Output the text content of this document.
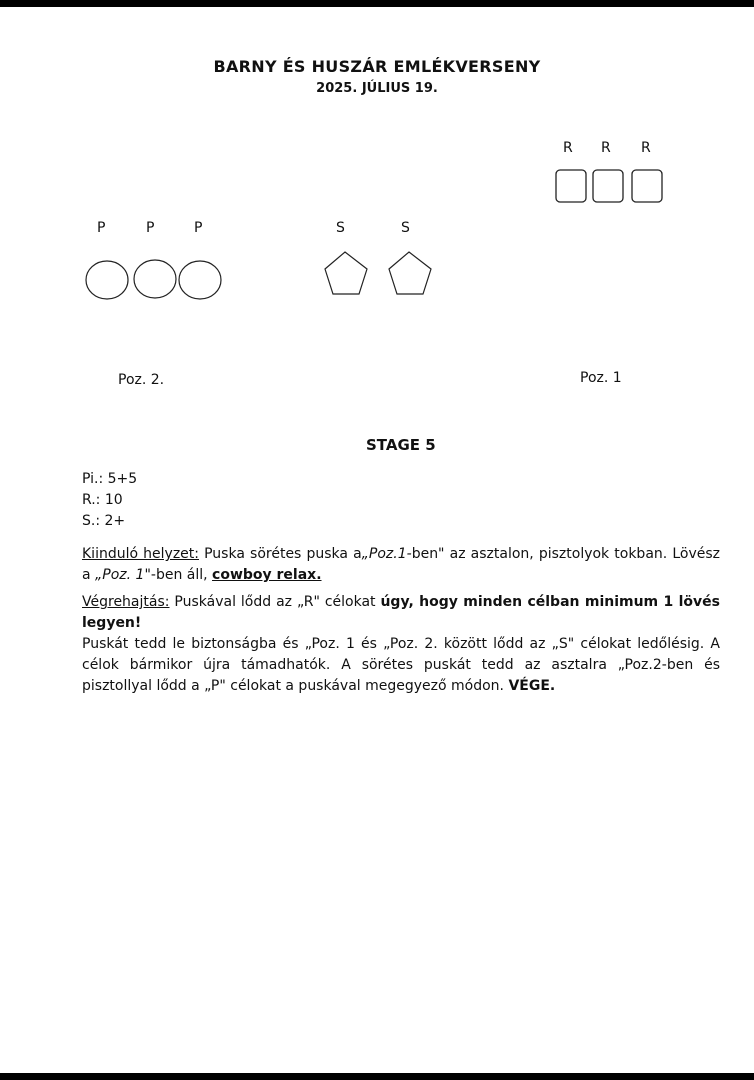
BARNY ÉS HUSZÁR EMLÉKVERSENY
2025. JÚLIUS 19.
R R R
P	P	P	S	S
Poz. 2.	Poz. 1
STAGE 5
Pi.: 5+5
R.: 10
S.: 2+

Kiinduló helyzet: Puska sörétes puska a„Poz.1-ben" az asztalon, pisztolyok tokban. Lövész a „Poz. 1"-ben áll, cowboy relax.

Végrehajtás: Puskával lődd az „R" célokat úgy, hogy minden célban minimum 1 lövés legyen!

Puskát tedd le biztonságba és „Poz. 1 és „Poz. 2. között lődd az „S" célokat ledőlésig. A célok bármikor újra támadhatók. A sörétes puskát tedd az asztalra „Poz.2-ben és pisztollyal lődd a „P" célokat a puskával megegyező módon. VÉGE.
